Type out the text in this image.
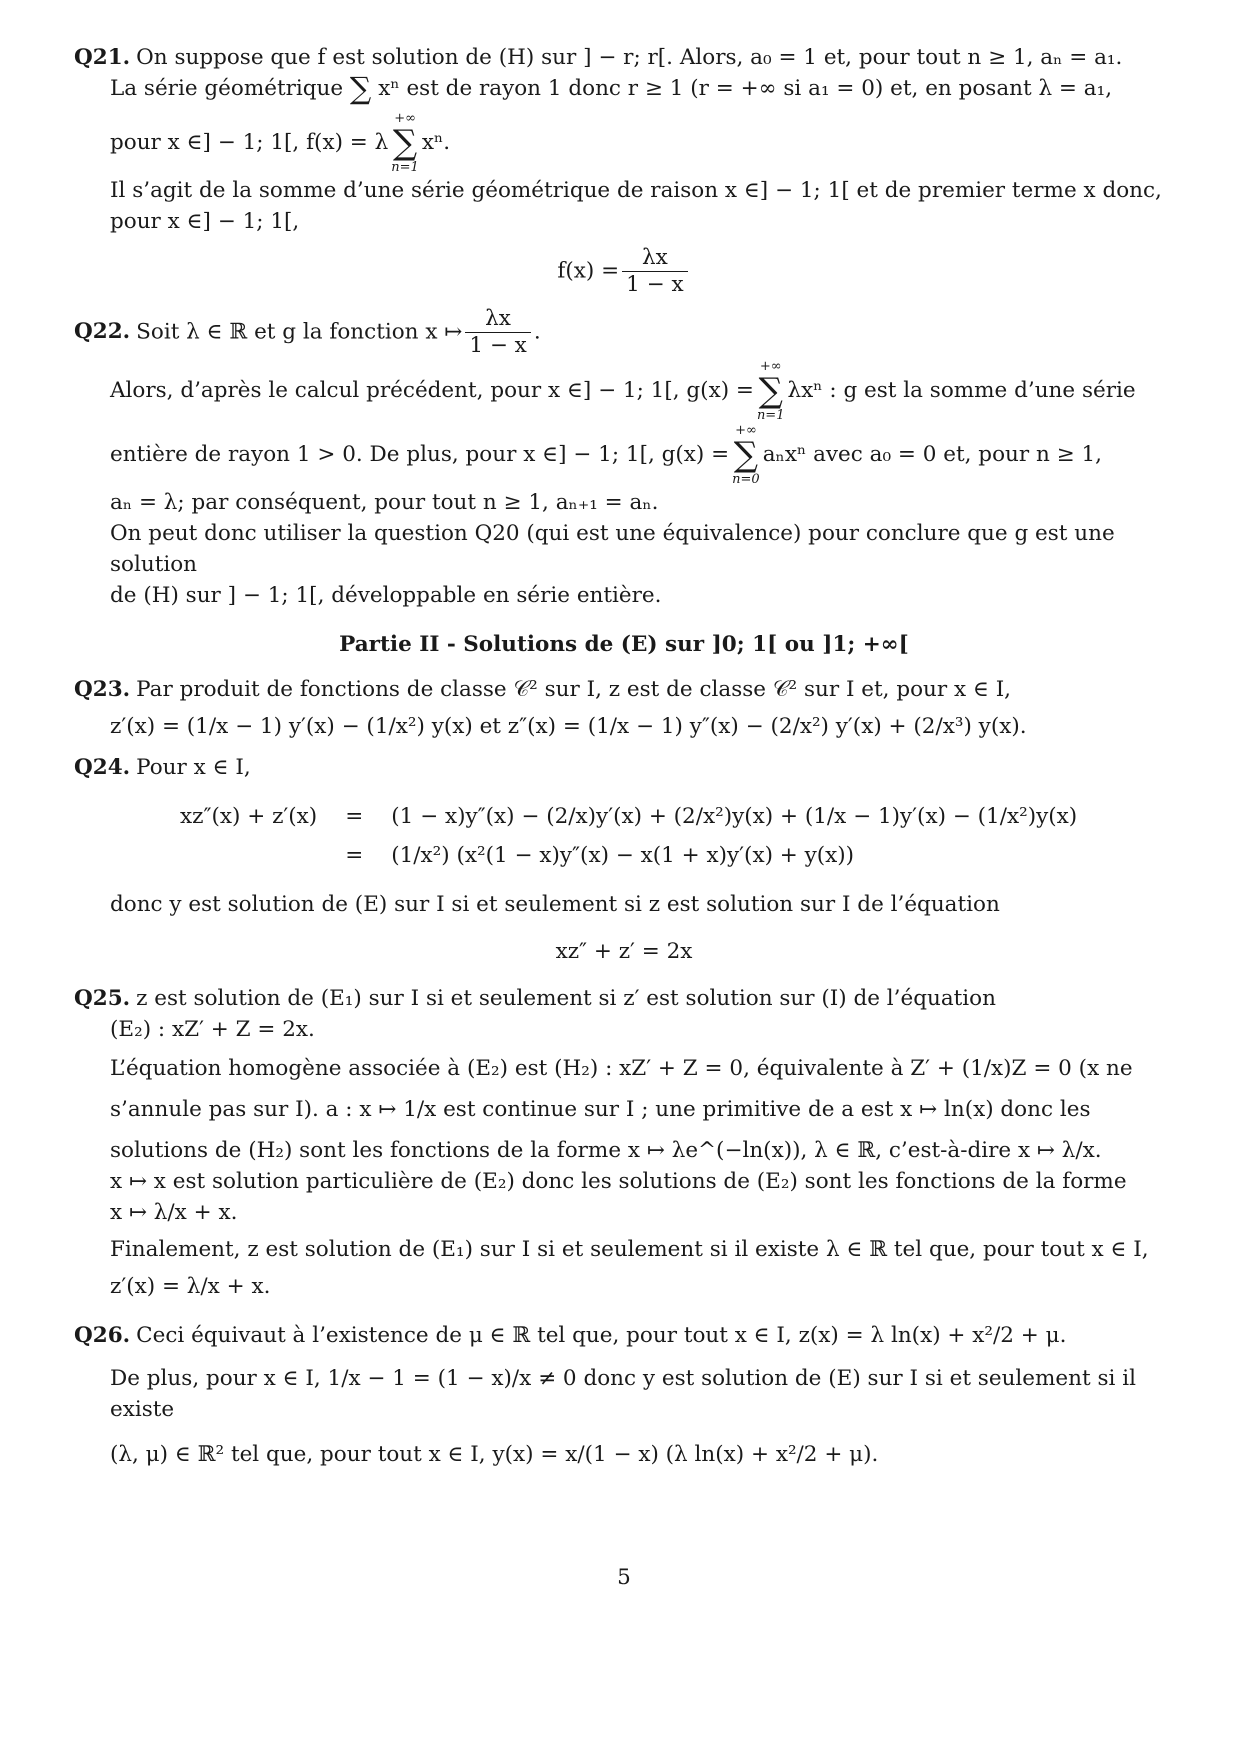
Q21. On suppose que f est solution de (H) sur ] − r; r[. Alors, a₀ = 1 et, pour tout n ≥ 1, aₙ = a₁.
La série géométrique ∑ xⁿ est de rayon 1 donc r ≥ 1 (r = +∞ si a₁ = 0) et, en posant λ = a₁,
pour x ∈] − 1; 1[, f(x) = λ
+∞
∑
n=1
xⁿ.
Il s’agit de la somme d’une série géométrique de raison x ∈] − 1; 1[ et de premier terme x donc,
pour x ∈] − 1; 1[,
$f(x) = \frac{\lambda x}{1 - x}$
Q22. Soit λ ∈ ℝ et g la fonction x ↦ $\frac{\lambda x}{1 - x}$ .
Alors, d’après le calcul précédent, pour x ∈] − 1; 1[, g(x) =
+∞
∑
n=1
λxⁿ : g est la somme d’une série
entière de rayon 1 > 0. De plus, pour x ∈] − 1; 1[, g(x) =
+∞
∑
n=0
aₙxⁿ avec a₀ = 0 et, pour n ≥ 1,
aₙ = λ; par conséquent, pour tout n ≥ 1, aₙ₊₁ = aₙ.
On peut donc utiliser la question Q20 (qui est une équivalence) pour conclure que g est une solution
de (H) sur ] − 1; 1[, développable en série entière.
Partie II - Solutions de (E) sur ]0; 1[ ou ]1; +∞[
Q23. Par produit de fonctions de classe 𝒞² sur I, z est de classe 𝒞² sur I et, pour x ∈ I,
z′(x) = (1/x − 1) y′(x) − (1/x²) y(x) et z″(x) = (1/x − 1) y″(x) − (2/x²) y′(x) + (2/x³) y(x).
Q24. Pour x ∈ I,
xz″(x) + z′(x)	=	(1 − x)y″(x) − (2/x)y′(x) + (2/x²)y(x) + (1/x − 1)y′(x) − (1/x²)y(x)
	=	(1/x²) (x²(1 − x)y″(x) − x(1 + x)y′(x) + y(x))
donc y est solution de (E) sur I si et seulement si z est solution sur I de l’équation
xz″ + z′ = 2x
Q25. z est solution de (E₁) sur I si et seulement si z′ est solution sur (I) de l’équation
(E₂) : xZ′ + Z = 2x.
L’équation homogène associée à (E₂) est (H₂) : xZ′ + Z = 0, équivalente à Z′ + (1/x)Z = 0 (x ne
s’annule pas sur I). a : x ↦ 1/x est continue sur I ; une primitive de a est x ↦ ln(x) donc les
solutions de (H₂) sont les fonctions de la forme x ↦ λe^(−ln(x)), λ ∈ ℝ, c’est-à-dire x ↦ λ/x.
x ↦ x est solution particulière de (E₂) donc les solutions de (E₂) sont les fonctions de la forme
x ↦ λ/x + x.
Finalement, z est solution de (E₁) sur I si et seulement si il existe λ ∈ ℝ tel que, pour tout x ∈ I,
z′(x) = λ/x + x.
Q26. Ceci équivaut à l’existence de μ ∈ ℝ tel que, pour tout x ∈ I, z(x) = λ ln(x) + x²/2 + μ.
De plus, pour x ∈ I, 1/x − 1 = (1 − x)/x ≠ 0 donc y est solution de (E) sur I si et seulement si il existe
(λ, μ) ∈ ℝ² tel que, pour tout x ∈ I, y(x) = x/(1 − x) (λ ln(x) + x²/2 + μ).
5
